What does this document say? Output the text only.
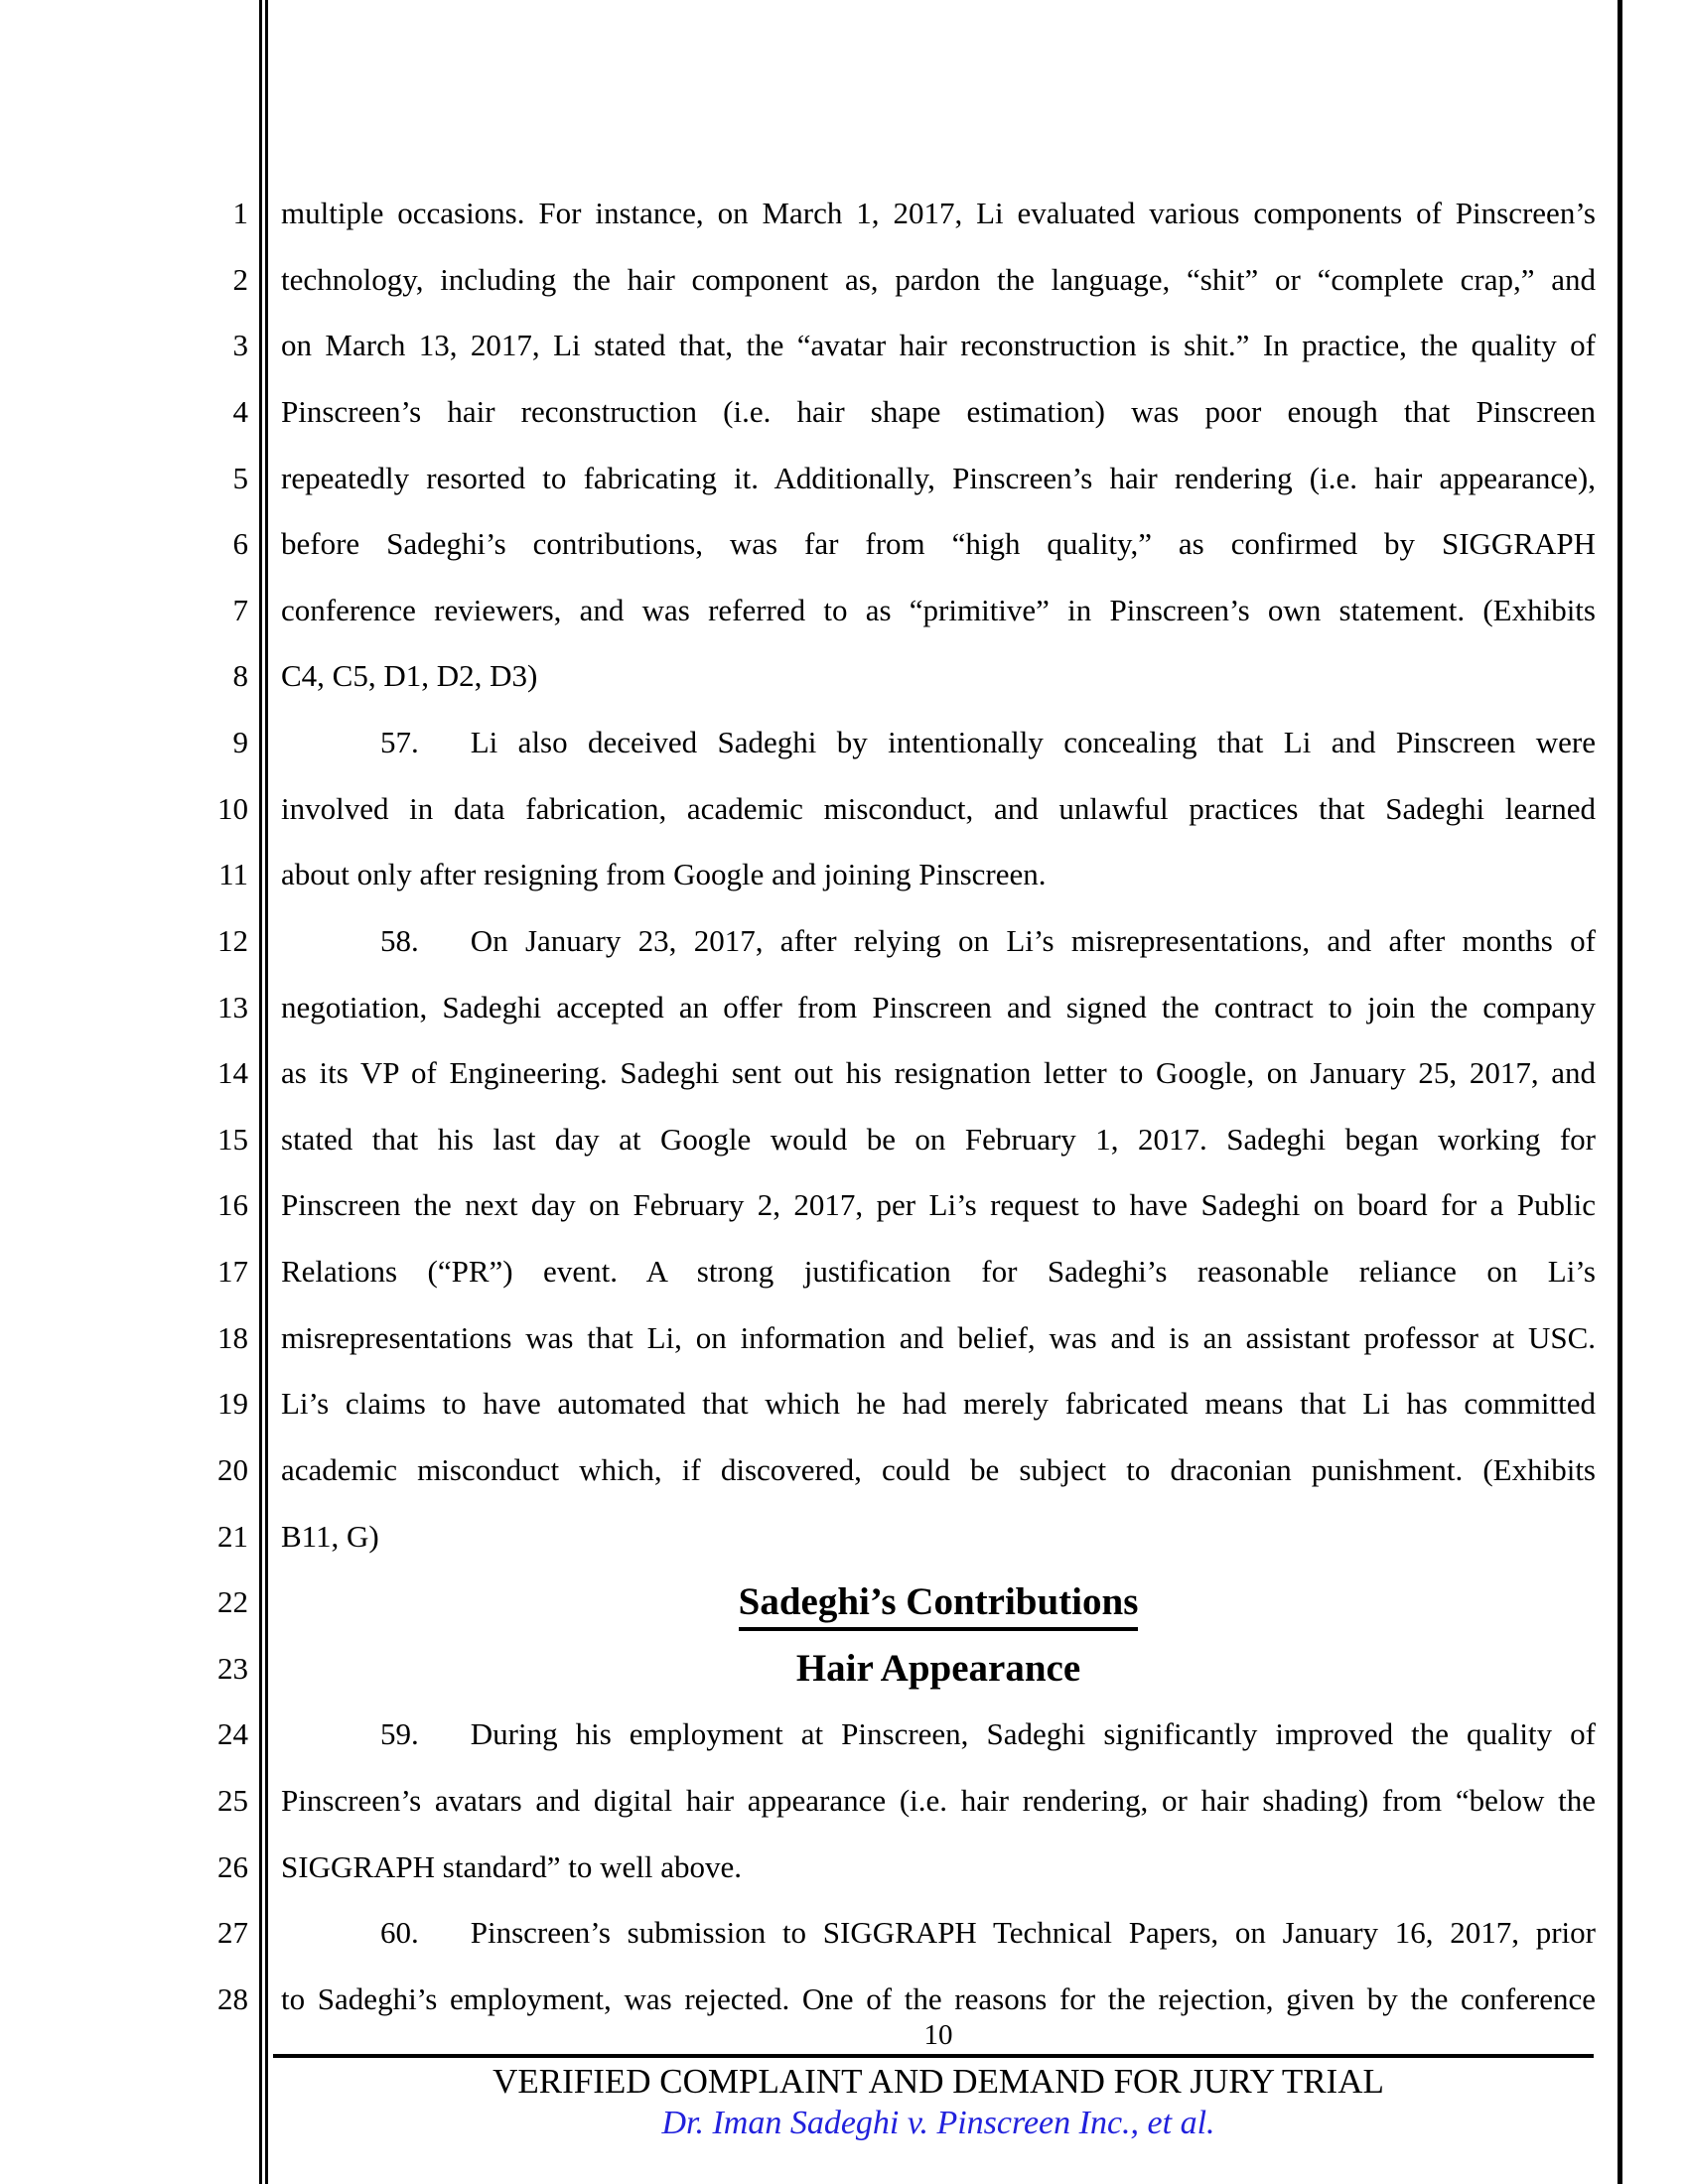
1
2
3
4
5
6
7
8
9
10
11
12
13
14
15
16
17
18
19
20
21
22
23
24
25
26
27
28
multiple occasions. For instance, on March 1, 2017, Li evaluated various components of Pinscreen’s
technology, including the hair component as, pardon the language, “shit” or “complete crap,” and
on March 13, 2017, Li stated that, the “avatar hair reconstruction is shit.” In practice, the quality of
Pinscreen’s hair reconstruction (i.e. hair shape estimation) was poor enough that Pinscreen
repeatedly resorted to fabricating it. Additionally, Pinscreen’s hair rendering (i.e. hair appearance),
before Sadeghi’s contributions, was far from “high quality,” as confirmed by SIGGRAPH
conference reviewers, and was referred to as “primitive” in Pinscreen’s own statement. (Exhibits
C4, C5, D1, D2, D3)
57. Li also deceived Sadeghi by intentionally concealing that Li and Pinscreen were
involved in data fabrication, academic misconduct, and unlawful practices that Sadeghi learned
about only after resigning from Google and joining Pinscreen.
58. On January 23, 2017, after relying on Li’s misrepresentations, and after months of
negotiation, Sadeghi accepted an offer from Pinscreen and signed the contract to join the company
as its VP of Engineering. Sadeghi sent out his resignation letter to Google, on January 25, 2017, and
stated that his last day at Google would be on February 1, 2017. Sadeghi began working for
Pinscreen the next day on February 2, 2017, per Li’s request to have Sadeghi on board for a Public
Relations (“PR”) event. A strong justification for Sadeghi’s reasonable reliance on Li’s
misrepresentations was that Li, on information and belief, was and is an assistant professor at USC.
Li’s claims to have automated that which he had merely fabricated means that Li has committed
academic misconduct which, if discovered, could be subject to draconian punishment. (Exhibits
B11, G)
Sadeghi’s Contributions
Hair Appearance
59. During his employment at Pinscreen, Sadeghi significantly improved the quality of
Pinscreen’s avatars and digital hair appearance (i.e. hair rendering, or hair shading) from “below the
SIGGRAPH standard” to well above.
60. Pinscreen’s submission to SIGGRAPH Technical Papers, on January 16, 2017, prior
to Sadeghi’s employment, was rejected. One of the reasons for the rejection, given by the conference
10
VERIFIED COMPLAINT AND DEMAND FOR JURY TRIAL
Dr. Iman Sadeghi v. Pinscreen Inc., et al.
